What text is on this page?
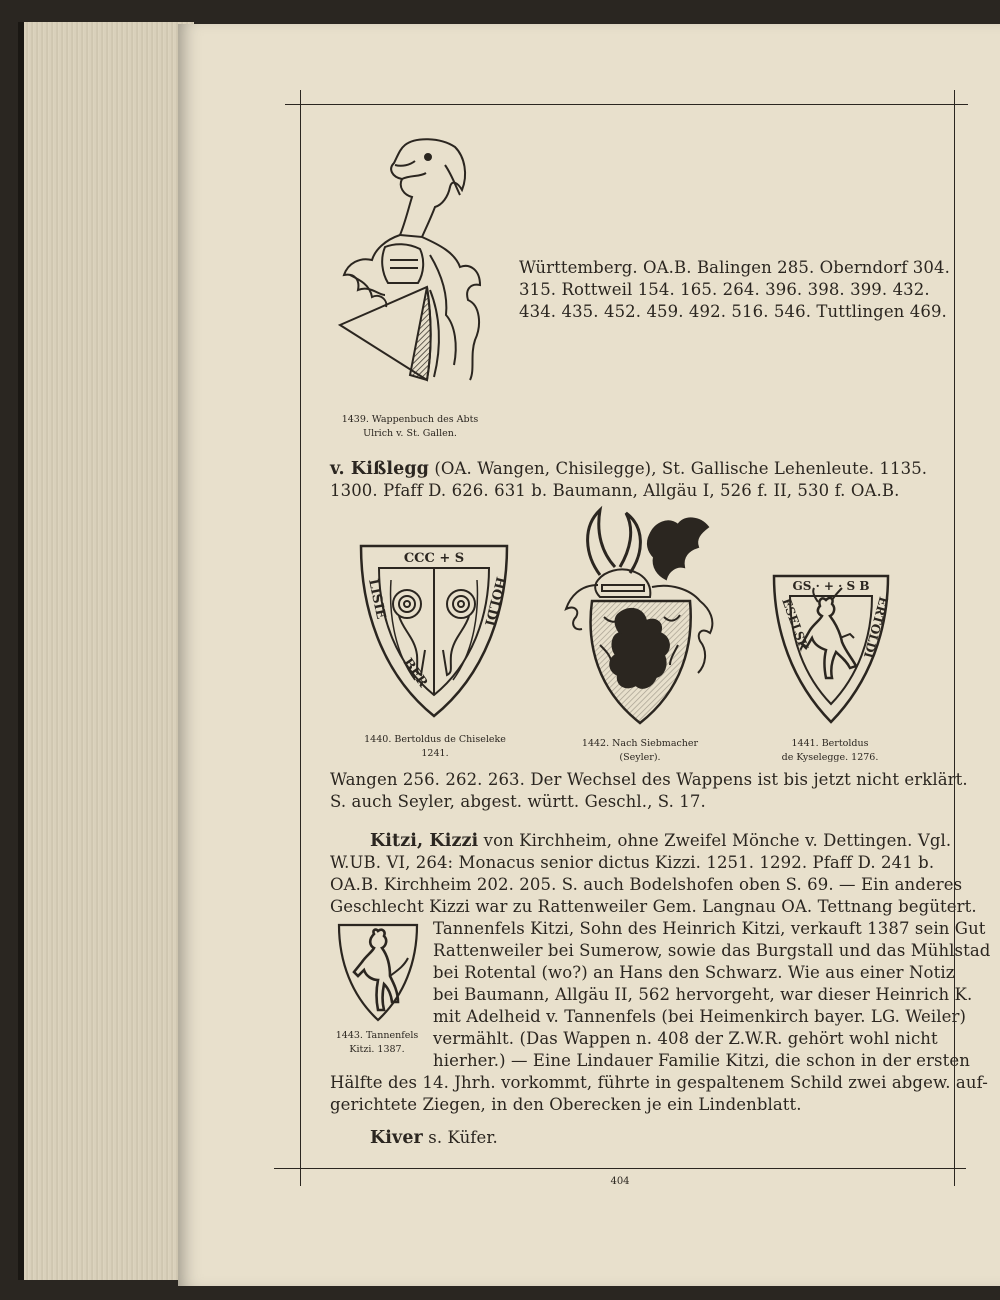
1439. Wappenbuch des Abts
Ulrich v. St. Gallen.
Württemberg. OA.B. Balingen 285. Oberndorf 304.
315. Rottweil 154. 165. 264. 396. 398. 399. 432.
434. 435. 452. 459. 492. 516. 546. Tuttlingen 469.
v. Kißlegg (OA. Wangen, Chisilegge), St. Gallische Lehenleute. 1135.
1300. Pfaff D. 626. 631 b. Baumann, Allgäu I, 526 f. II, 530 f. OA.B.
CCC + S
LISIE	HOLDI
BER
1440. Bertoldus de Chiseleke
1241.
1442. Nach Siebmacher
(Seyler).
GS · + · S B
ESELSK	ERTOLDI
1441. Bertoldus
de Kyselegge. 1276.
Wangen 256. 262. 263. Der Wechsel des Wappens ist bis jetzt nicht erklärt.
S. auch Seyler, abgest. württ. Geschl., S. 17.
Kitzi, Kizzi von Kirchheim, ohne Zweifel Mönche v. Dettingen. Vgl.
W.UB. VI, 264: Monacus senior dictus Kizzi. 1251. 1292. Pfaff D. 241 b.
OA.B. Kirchheim 202. 205. S. auch Bodelshofen oben S. 69. — Ein anderes
Geschlecht Kizzi war zu Rattenweiler Gem. Langnau OA. Tettnang begütert.
Tannenfels Kitzi, Sohn des Heinrich Kitzi, verkauft 1387 sein Gut
Rattenweiler bei Sumerow, sowie das Burgstall und das Mühlstad
bei Rotental (wo?) an Hans den Schwarz. Wie aus einer Notiz
bei Baumann, Allgäu II, 562 hervorgeht, war dieser Heinrich K.
mit Adelheid v. Tannenfels (bei Heimenkirch bayer. LG. Weiler)
vermählt. (Das Wappen n. 408 der Z.W.R. gehört wohl nicht
hierher.) — Eine Lindauer Familie Kitzi, die schon in der ersten
Hälfte des 14. Jhrh. vorkommt, führte in gespaltenem Schild zwei abgew. auf-
gerichtete Ziegen, in den Oberecken je ein Lindenblatt.
1443. Tannenfels
Kitzi. 1387.
Kiver s. Küfer.
404
